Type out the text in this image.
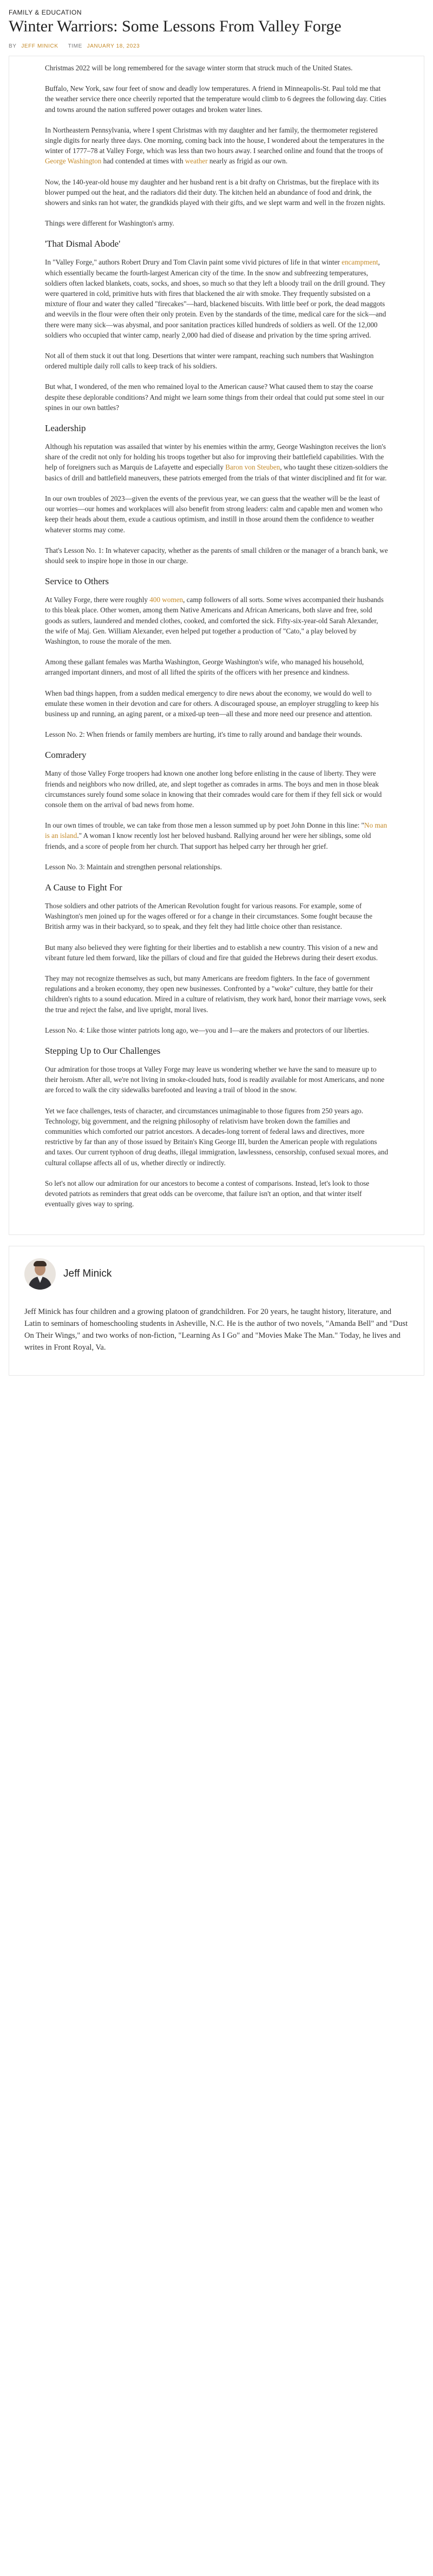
FAMILY & EDUCATION
Winter Warriors: Some Lessons From Valley Forge
BY JEFF MINICK TIME JANUARY 18, 2023

Christmas 2022 will be long remembered for the savage winter storm that struck much of the United States.

Buffalo, New York, saw four feet of snow and deadly low temperatures. A friend in Minneapolis-St. Paul told me that the weather service there once cheerily reported that the temperature would climb to 6 degrees the following day. Cities and towns around the nation suffered power outages and broken water lines.

In Northeastern Pennsylvania, where I spent Christmas with my daughter and her family, the thermometer registered single digits for nearly three days. One morning, coming back into the house, I wondered about the temperatures in the winter of 1777–78 at Valley Forge, which was less than two hours away. I searched online and found that the troops of George Washington had contended at times with weather nearly as frigid as our own.

Now, the 140-year-old house my daughter and her husband rent is a bit drafty on Christmas, but the fireplace with its blower pumped out the heat, and the radiators did their duty. The kitchen held an abundance of food and drink, the showers and sinks ran hot water, the grandkids played with their gifts, and we slept warm and well in the frozen nights.

Things were different for Washington's army.

'That Dismal Abode'

In "Valley Forge," authors Robert Drury and Tom Clavin paint some vivid pictures of life in that winter encampment, which essentially became the fourth-largest American city of the time. In the snow and subfreezing temperatures, soldiers often lacked blankets, coats, socks, and shoes, so much so that they left a bloody trail on the drill ground. They were quartered in cold, primitive huts with fires that blackened the air with smoke. They frequently subsisted on a mixture of flour and water they called "firecakes"—hard, blackened biscuits. With little beef or pork, the dead maggots and weevils in the flour were often their only protein. Even by the standards of the time, medical care for the sick—and there were many sick—was abysmal, and poor sanitation practices killed hundreds of soldiers as well. Of the 12,000 soldiers who occupied that winter camp, nearly 2,000 had died of disease and privation by the time spring arrived.

Not all of them stuck it out that long. Desertions that winter were rampant, reaching such numbers that Washington ordered multiple daily roll calls to keep track of his soldiers.

But what, I wondered, of the men who remained loyal to the American cause? What caused them to stay the coarse despite these deplorable conditions? And might we learn some things from their ordeal that could put some steel in our spines in our own battles?

Leadership

Although his reputation was assailed that winter by his enemies within the army, George Washington receives the lion's share of the credit not only for holding his troops together but also for improving their battlefield capabilities. With the help of foreigners such as Marquis de Lafayette and especially Baron von Steuben, who taught these citizen-soldiers the basics of drill and battlefield maneuvers, these patriots emerged from the trials of that winter disciplined and fit for war.

In our own troubles of 2023—given the events of the previous year, we can guess that the weather will be the least of our worries—our homes and workplaces will also benefit from strong leaders: calm and capable men and women who keep their heads about them, exude a cautious optimism, and instill in those around them the confidence to weather whatever storms may come.

That's Lesson No. 1: In whatever capacity, whether as the parents of small children or the manager of a branch bank, we should seek to inspire hope in those in our charge.

Service to Others

At Valley Forge, there were roughly 400 women, camp followers of all sorts. Some wives accompanied their husbands to this bleak place. Other women, among them Native Americans and African Americans, both slave and free, sold goods as sutlers, laundered and mended clothes, cooked, and comforted the sick. Fifty-six-year-old Sarah Alexander, the wife of Maj. Gen. William Alexander, even helped put together a production of "Cato," a play beloved by Washington, to rouse the morale of the men.

Among these gallant females was Martha Washington, George Washington's wife, who managed his household, arranged important dinners, and most of all lifted the spirits of the officers with her presence and kindness.

When bad things happen, from a sudden medical emergency to dire news about the economy, we would do well to emulate these women in their devotion and care for others. A discouraged spouse, an employer struggling to keep his business up and running, an aging parent, or a mixed-up teen—all these and more need our presence and attention.

Lesson No. 2: When friends or family members are hurting, it's time to rally around and bandage their wounds.

Comradery

Many of those Valley Forge troopers had known one another long before enlisting in the cause of liberty. They were friends and neighbors who now drilled, ate, and slept together as comrades in arms. The boys and men in those bleak circumstances surely found some solace in knowing that their comrades would care for them if they fell sick or would console them on the arrival of bad news from home.

In our own times of trouble, we can take from those men a lesson summed up by poet John Donne in this line: "No man is an island." A woman I know recently lost her beloved husband. Rallying around her were her siblings, some old friends, and a score of people from her church. That support has helped carry her through her grief.

Lesson No. 3: Maintain and strengthen personal relationships.

A Cause to Fight For

Those soldiers and other patriots of the American Revolution fought for various reasons. For example, some of Washington's men joined up for the wages offered or for a change in their circumstances. Some fought because the British army was in their backyard, so to speak, and they felt they had little choice other than resistance.

But many also believed they were fighting for their liberties and to establish a new country. This vision of a new and vibrant future led them forward, like the pillars of cloud and fire that guided the Hebrews during their desert exodus.

They may not recognize themselves as such, but many Americans are freedom fighters. In the face of government regulations and a broken economy, they open new businesses. Confronted by a "woke" culture, they battle for their children's rights to a sound education. Mired in a culture of relativism, they work hard, honor their marriage vows, seek the true and reject the false, and live upright, moral lives.

Lesson No. 4: Like those winter patriots long ago, we—you and I—are the makers and protectors of our liberties.

Stepping Up to Our Challenges

Our admiration for those troops at Valley Forge may leave us wondering whether we have the sand to measure up to their heroism. After all, we're not living in smoke-clouded huts, food is readily available for most Americans, and none are forced to walk the city sidewalks barefooted and leaving a trail of blood in the snow.

Yet we face challenges, tests of character, and circumstances unimaginable to those figures from 250 years ago. Technology, big government, and the reigning philosophy of relativism have broken down the families and communities which comforted our patriot ancestors. A decades-long torrent of federal laws and directives, more restrictive by far than any of those issued by Britain's King George III, burden the American people with regulations and taxes. Our current typhoon of drug deaths, illegal immigration, lawlessness, censorship, confused sexual mores, and cultural collapse affects all of us, whether directly or indirectly.

So let's not allow our admiration for our ancestors to become a contest of comparisons. Instead, let's look to those devoted patriots as reminders that great odds can be overcome, that failure isn't an option, and that winter itself eventually gives way to spring.

Jeff Minick

Jeff Minick has four children and a growing platoon of grandchildren. For 20 years, he taught history, literature, and Latin to seminars of homeschooling students in Asheville, N.C. He is the author of two novels, "Amanda Bell" and "Dust On Their Wings," and two works of non-fiction, "Learning As I Go" and "Movies Make The Man." Today, he lives and writes in Front Royal, Va.
